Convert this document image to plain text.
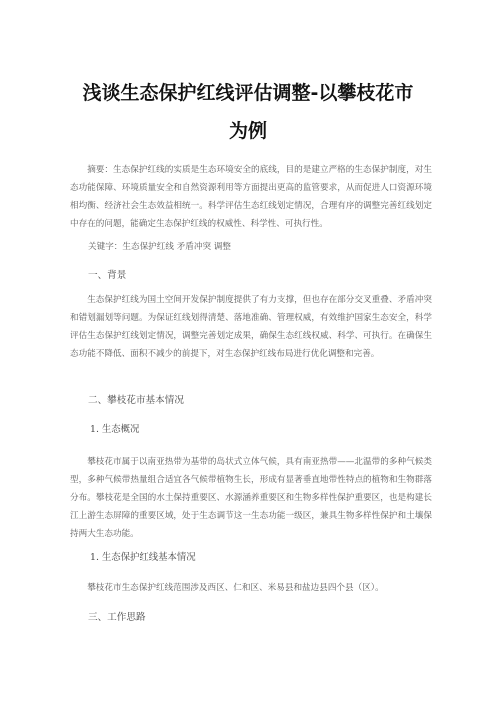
浅谈生态保护红线评估调整-以攀枝花市
为例

摘要：生态保护红线的实质是生态环境安全的底线，目的是建立严格的生态保护制度，对生态功能保障、环境质量安全和自然资源利用等方面提出更高的监管要求，从而促进人口资源环境相均衡、经济社会生态效益相统一。科学评估生态红线划定情况，合理有序的调整完善红线划定中存在的问题，能确定生态保护红线的权威性、科学性、可执行性。

关键字：生态保护红线 矛盾冲突 调整

一、背景

生态保护红线为国土空间开发保护制度提供了有力支撑，但也存在部分交叉重叠、矛盾冲突和错划漏划等问题。为保证红线划得清楚、落地准确、管理权威，有效维护国家生态安全，科学评估生态保护红线划定情况，调整完善划定成果，确保生态红线权威、科学、可执行。在确保生态功能不降低、面积不减少的前提下，对生态保护红线布局进行优化调整和完善。

二、攀枝花市基本情况

1. 生态概况

攀枝花市属于以南亚热带为基带的岛状式立体气候，具有南亚热带——北温带的多种气候类型，多种气候带热量组合适宜各气候带植物生长，形成有显著垂直地带性特点的植物和生物群落分布。攀枝花是全国的水土保持重要区、水源涵养重要区和生物多样性保护重要区，也是构建长江上游生态屏障的重要区域，处于生态调节这一生态功能一级区，兼具生物多样性保护和土壤保持两大生态功能。

1. 生态保护红线基本情况

攀枝花市生态保护红线范围涉及西区、仁和区、米易县和盐边县四个县（区）。

三、工作思路
